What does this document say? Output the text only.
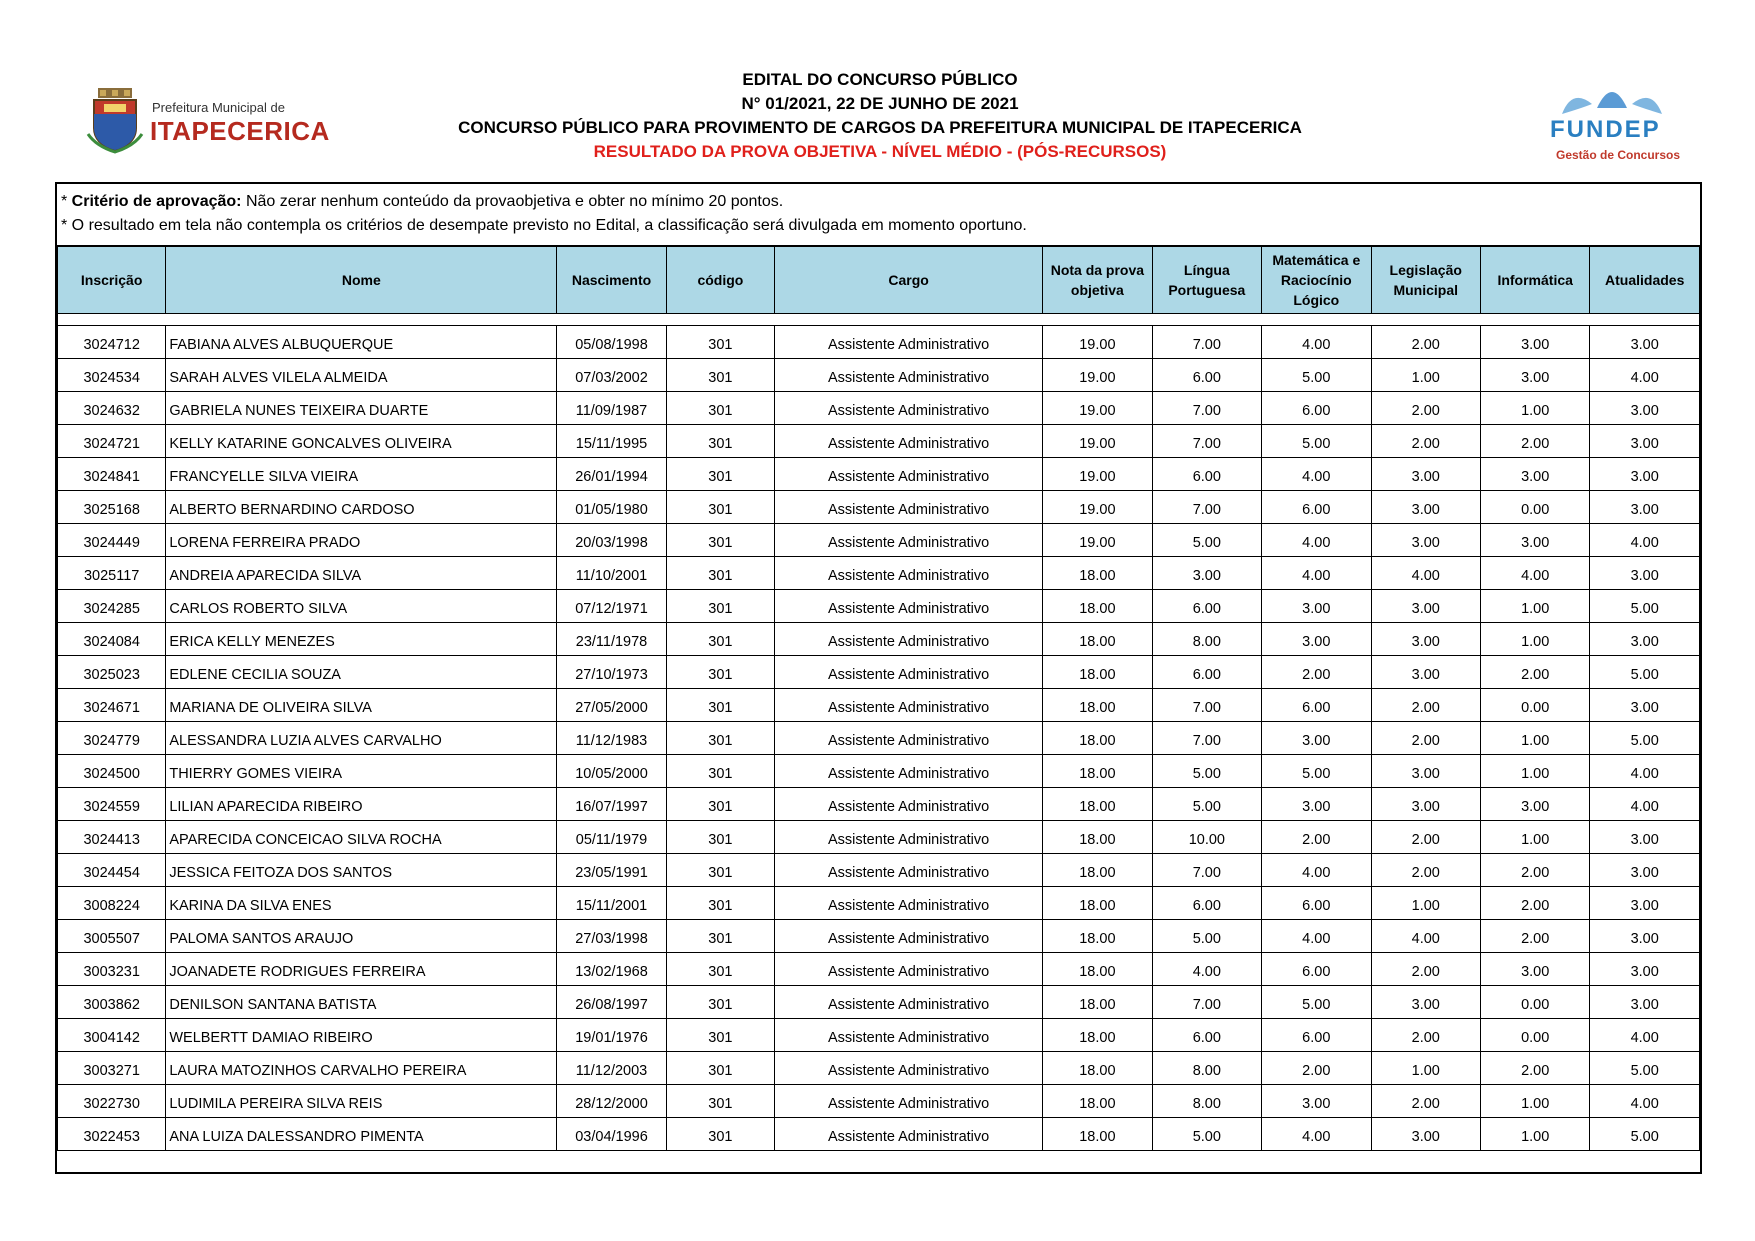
Prefeitura Municipal de
ITAPECERICA
EDITAL DO CONCURSO PÚBLICO
N° 01/2021, 22 DE JUNHO DE 2021
CONCURSO PÚBLICO PARA PROVIMENTO DE CARGOS DA PREFEITURA MUNICIPAL DE ITAPECERICA
RESULTADO DA PROVA OBJETIVA - NÍVEL MÉDIO - (PÓS-RECURSOS)
FUNDEP
Gestão de Concursos
* Critério de aprovação: Não zerar nenhum conteúdo da provaobjetiva e obter no mínimo 20 pontos.
* O resultado em tela não contempla os critérios de desempate previsto no Edital, a classificação será divulgada em momento oportuno.
Inscrição	Nome	Nascimento	código	Cargo	Nota da prova objetiva	Língua Portuguesa	Matemática e Raciocínio Lógico	Legislação Municipal	Informática	Atualidades

3024712	FABIANA ALVES ALBUQUERQUE	05/08/1998	301	Assistente Administrativo	19.00	7.00	4.00	2.00	3.00	3.00
3024534	SARAH ALVES VILELA ALMEIDA	07/03/2002	301	Assistente Administrativo	19.00	6.00	5.00	1.00	3.00	4.00
3024632	GABRIELA NUNES TEIXEIRA DUARTE	11/09/1987	301	Assistente Administrativo	19.00	7.00	6.00	2.00	1.00	3.00
3024721	KELLY KATARINE GONCALVES OLIVEIRA	15/11/1995	301	Assistente Administrativo	19.00	7.00	5.00	2.00	2.00	3.00
3024841	FRANCYELLE SILVA VIEIRA	26/01/1994	301	Assistente Administrativo	19.00	6.00	4.00	3.00	3.00	3.00
3025168	ALBERTO BERNARDINO CARDOSO	01/05/1980	301	Assistente Administrativo	19.00	7.00	6.00	3.00	0.00	3.00
3024449	LORENA FERREIRA PRADO	20/03/1998	301	Assistente Administrativo	19.00	5.00	4.00	3.00	3.00	4.00
3025117	ANDREIA APARECIDA SILVA	11/10/2001	301	Assistente Administrativo	18.00	3.00	4.00	4.00	4.00	3.00
3024285	CARLOS ROBERTO SILVA	07/12/1971	301	Assistente Administrativo	18.00	6.00	3.00	3.00	1.00	5.00
3024084	ERICA KELLY MENEZES	23/11/1978	301	Assistente Administrativo	18.00	8.00	3.00	3.00	1.00	3.00
3025023	EDLENE CECILIA SOUZA	27/10/1973	301	Assistente Administrativo	18.00	6.00	2.00	3.00	2.00	5.00
3024671	MARIANA DE OLIVEIRA SILVA	27/05/2000	301	Assistente Administrativo	18.00	7.00	6.00	2.00	0.00	3.00
3024779	ALESSANDRA LUZIA ALVES CARVALHO	11/12/1983	301	Assistente Administrativo	18.00	7.00	3.00	2.00	1.00	5.00
3024500	THIERRY GOMES VIEIRA	10/05/2000	301	Assistente Administrativo	18.00	5.00	5.00	3.00	1.00	4.00
3024559	LILIAN APARECIDA RIBEIRO	16/07/1997	301	Assistente Administrativo	18.00	5.00	3.00	3.00	3.00	4.00
3024413	APARECIDA CONCEICAO SILVA ROCHA	05/11/1979	301	Assistente Administrativo	18.00	10.00	2.00	2.00	1.00	3.00
3024454	JESSICA FEITOZA DOS SANTOS	23/05/1991	301	Assistente Administrativo	18.00	7.00	4.00	2.00	2.00	3.00
3008224	KARINA DA SILVA ENES	15/11/2001	301	Assistente Administrativo	18.00	6.00	6.00	1.00	2.00	3.00
3005507	PALOMA SANTOS ARAUJO	27/03/1998	301	Assistente Administrativo	18.00	5.00	4.00	4.00	2.00	3.00
3003231	JOANADETE RODRIGUES FERREIRA	13/02/1968	301	Assistente Administrativo	18.00	4.00	6.00	2.00	3.00	3.00
3003862	DENILSON SANTANA BATISTA	26/08/1997	301	Assistente Administrativo	18.00	7.00	5.00	3.00	0.00	3.00
3004142	WELBERTT DAMIAO RIBEIRO	19/01/1976	301	Assistente Administrativo	18.00	6.00	6.00	2.00	0.00	4.00
3003271	LAURA MATOZINHOS CARVALHO PEREIRA	11/12/2003	301	Assistente Administrativo	18.00	8.00	2.00	1.00	2.00	5.00
3022730	LUDIMILA PEREIRA SILVA REIS	28/12/2000	301	Assistente Administrativo	18.00	8.00	3.00	2.00	1.00	4.00
3022453	ANA LUIZA DALESSANDRO PIMENTA	03/04/1996	301	Assistente Administrativo	18.00	5.00	4.00	3.00	1.00	5.00
